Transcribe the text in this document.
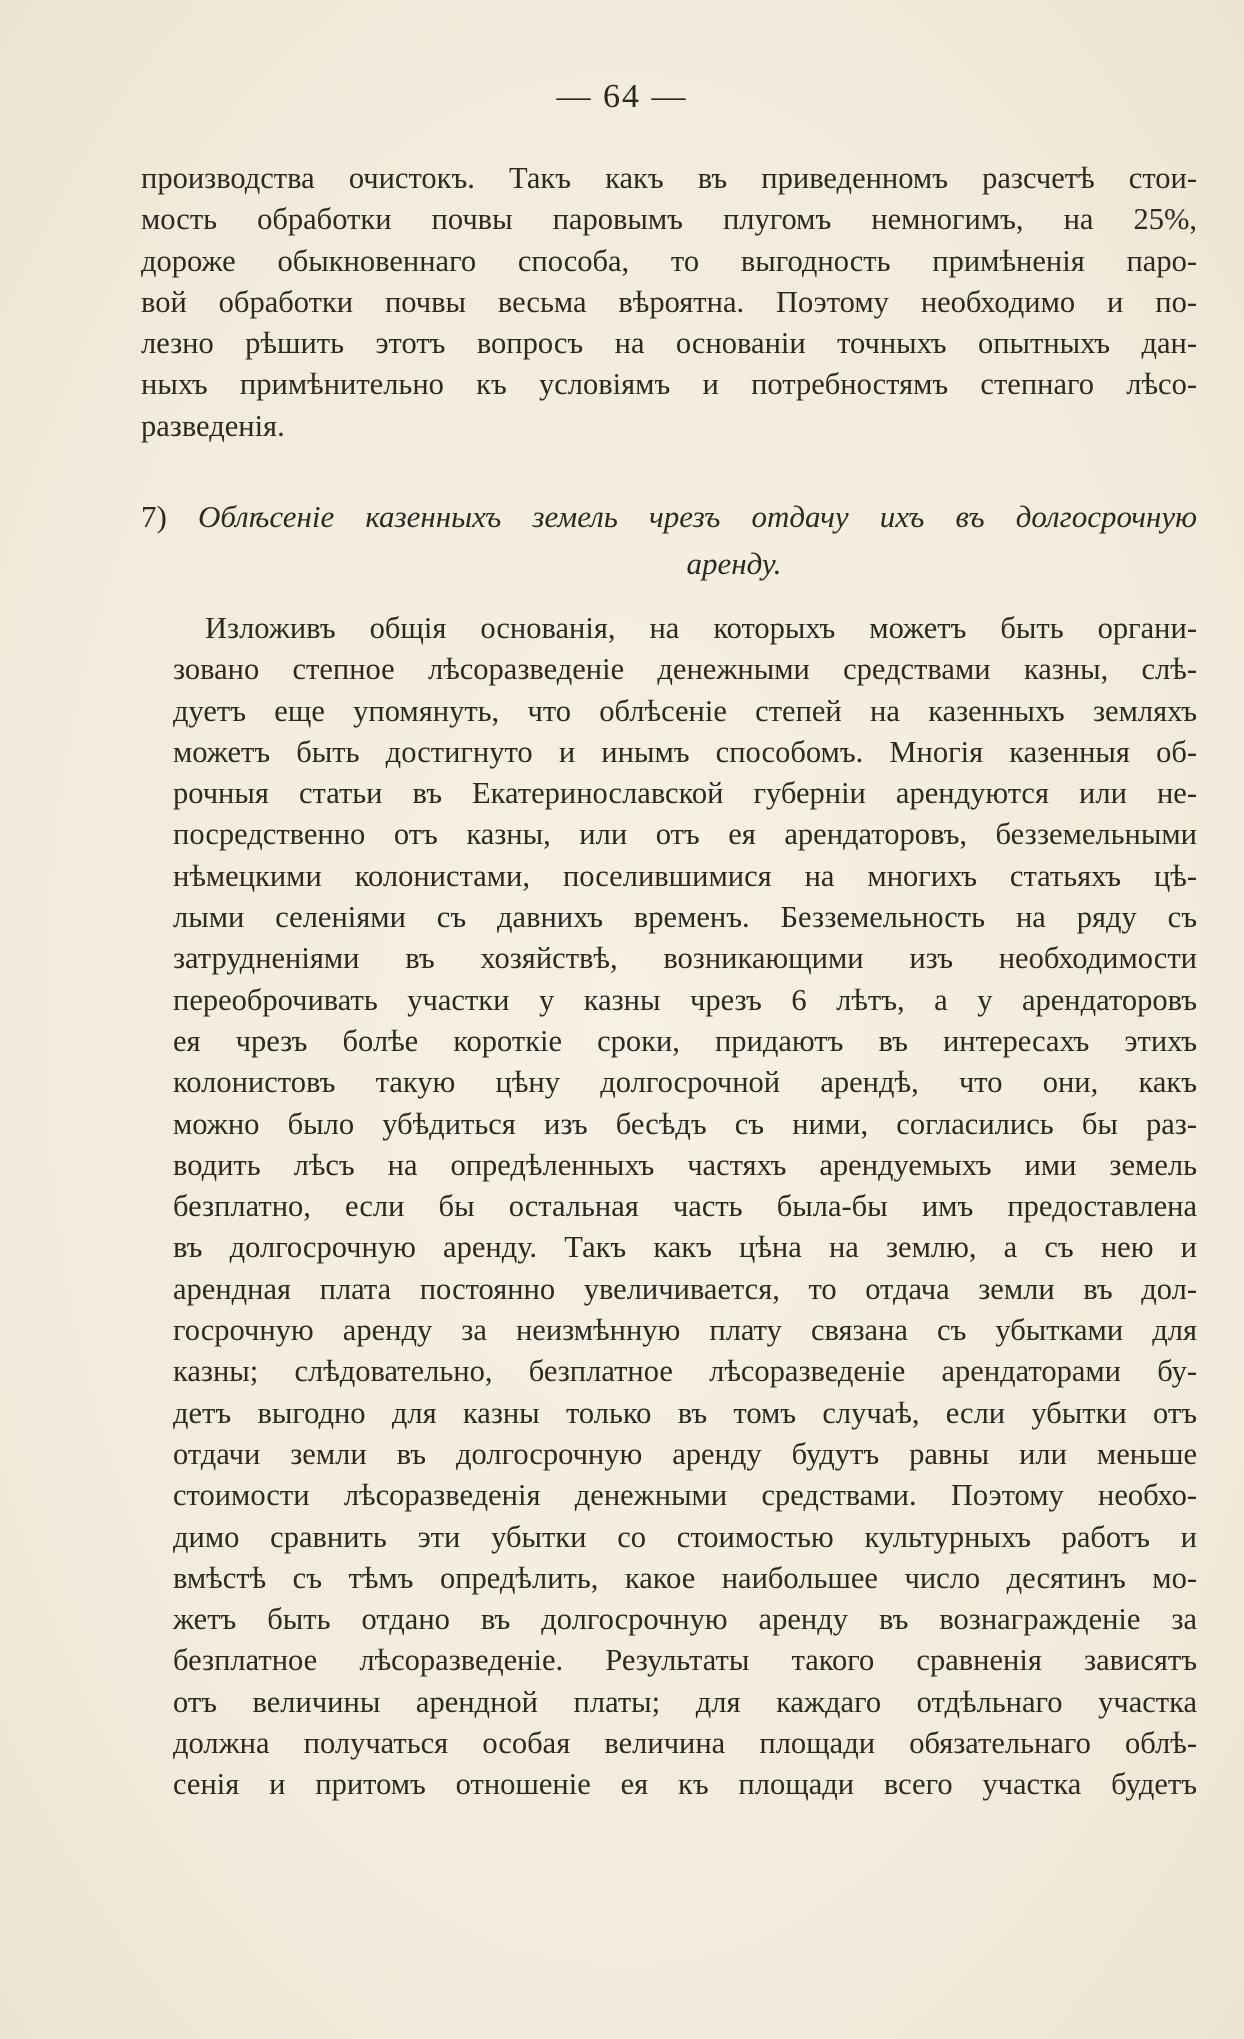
— 64 —
производства очистокъ. Такъ какъ въ приведенномъ разсчетѣ стои-
мость обработки почвы паровымъ плугомъ немногимъ, на 25%,
дороже обыкновеннаго способа, то выгодность примѣненія паро-
вой обработки почвы весьма вѣроятна. Поэтому необходимо и по-
лезно рѣшить этотъ вопросъ на основаніи точныхъ опытныхъ дан-
ныхъ примѣнительно къ условіямъ и потребностямъ степнаго лѣсо-
разведенія.
7) Облѣсеніе казенныхъ земель чрезъ отдачу ихъ въ долгосрочную
аренду.
Изложивъ общія основанія, на которыхъ можетъ быть органи-
зовано степное лѣсоразведеніе денежными средствами казны, слѣ-
дуетъ еще упомянуть, что облѣсеніе степей на казенныхъ земляхъ
можетъ быть достигнуто и инымъ способомъ. Многія казенныя об-
рочныя статьи въ Екатеринославской губерніи арендуются или не-
посредственно отъ казны, или отъ ея арендаторовъ, безземельными
нѣмецкими колонистами, поселившимися на многихъ статьяхъ цѣ-
лыми селеніями съ давнихъ временъ. Безземельность на ряду съ
затрудненіями въ хозяйствѣ, возникающими изъ необходимости
переоброчивать участки у казны чрезъ 6 лѣтъ, а у арендаторовъ
ея чрезъ болѣе короткіе сроки, придаютъ въ интересахъ этихъ
колонистовъ такую цѣну долгосрочной арендѣ, что они, какъ
можно было убѣдиться изъ бесѣдъ съ ними, согласились бы раз-
водить лѣсъ на опредѣленныхъ частяхъ арендуемыхъ ими земель
безплатно, если бы остальная часть была-бы имъ предоставлена
въ долгосрочную аренду. Такъ какъ цѣна на землю, а съ нею и
арендная плата постоянно увеличивается, то отдача земли въ дол-
госрочную аренду за неизмѣнную плату связана съ убытками для
казны; слѣдовательно, безплатное лѣсоразведеніе арендаторами бу-
детъ выгодно для казны только въ томъ случаѣ, если убытки отъ
отдачи земли въ долгосрочную аренду будутъ равны или меньше
стоимости лѣсоразведенія денежными средствами. Поэтому необхо-
димо сравнить эти убытки со стоимостью культурныхъ работъ и
вмѣстѣ съ тѣмъ опредѣлить, какое наибольшее число десятинъ мо-
жетъ быть отдано въ долгосрочную аренду въ вознагражденіе за
безплатное лѣсоразведеніе. Результаты такого сравненія зависятъ
отъ величины арендной платы; для каждаго отдѣльнаго участка
должна получаться особая величина площади обязательнаго облѣ-
сенія и притомъ отношеніе ея къ площади всего участка будетъ
